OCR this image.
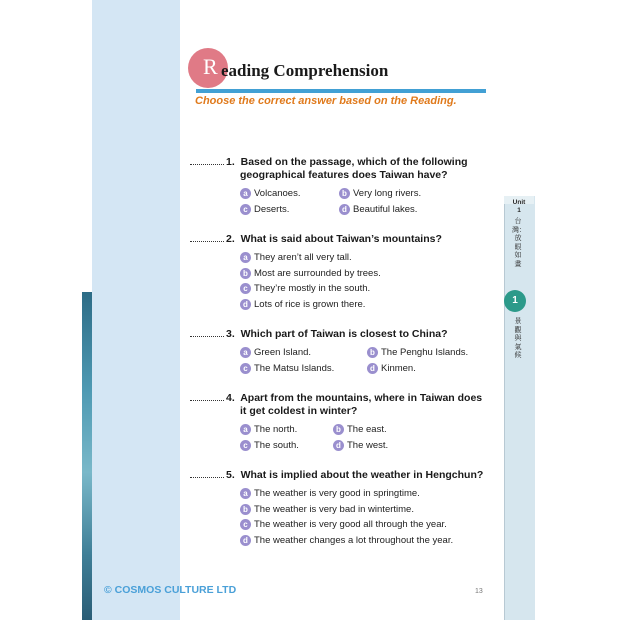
R eading Comprehension
Choose the correct answer based on the Reading.
1. Based on the passage, which of the following
geographical features does Taiwan have?
a Volcanoes.	b Very long rivers.
c Deserts.	d Beautiful lakes.
2. What is said about Taiwan’s mountains?
a They aren’t all very tall.
b Most are surrounded by trees.
c They’re mostly in the south.
d Lots of rice is grown there.
3. Which part of Taiwan is closest to China?
a Green Island.	b The Penghu Islands.
c The Matsu Islands.	d Kinmen.
4. Apart from the mountains, where in Taiwan does
it get coldest in winter?
a The north.	b The east.
c The south.	d The west.
5. What is implied about the weather in Hengchun?
a The weather is very good in springtime.
b The weather is very bad in wintertime.
c The weather is very good all through the year.
d The weather changes a lot throughout the year.
Unit
1
台灣：放眼如畫
1
景觀與氣候
© COSMOS CULTURE LTD	13
